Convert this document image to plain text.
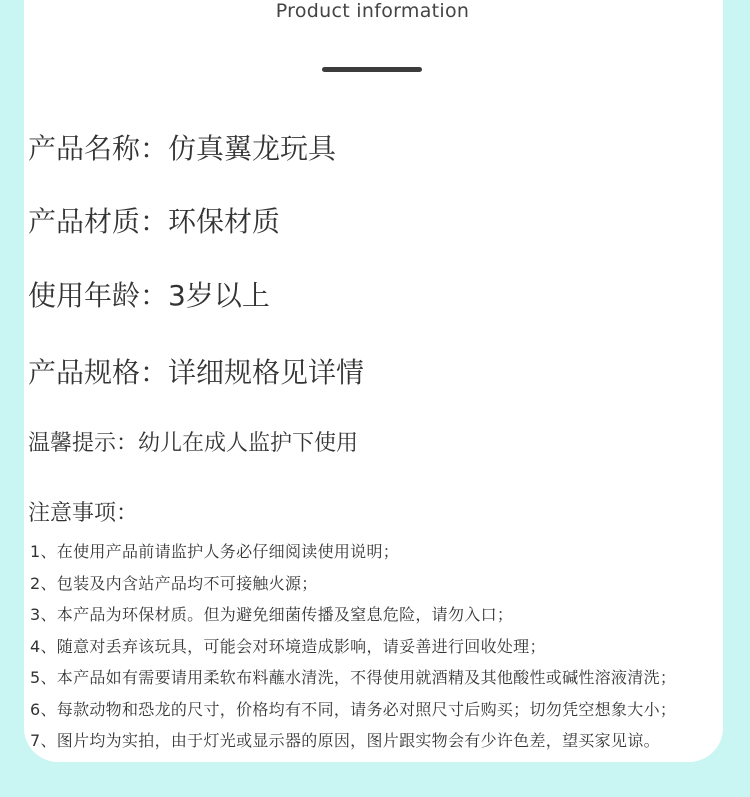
Product information
产品名称：仿真翼龙玩具
产品材质：环保材质
使用年龄：3岁以上
产品规格：详细规格见详情
温馨提示：幼儿在成人监护下使用
注意事项：
1、在使用产品前请监护人务必仔细阅读使用说明；
2、包装及内含站产品均不可接触火源；
3、本产品为环保材质。但为避免细菌传播及窒息危险，请勿入口；
4、随意对丢弃该玩具，可能会对环境造成影响，请妥善进行回收处理；
5、本产品如有需要请用柔软布料蘸水清洗，不得使用就酒精及其他酸性或碱性溶液清洗；
6、每款动物和恐龙的尺寸，价格均有不同，请务必对照尺寸后购买；切勿凭空想象大小；
7、图片均为实拍，由于灯光或显示器的原因，图片跟实物会有少许色差，望买家见谅。
